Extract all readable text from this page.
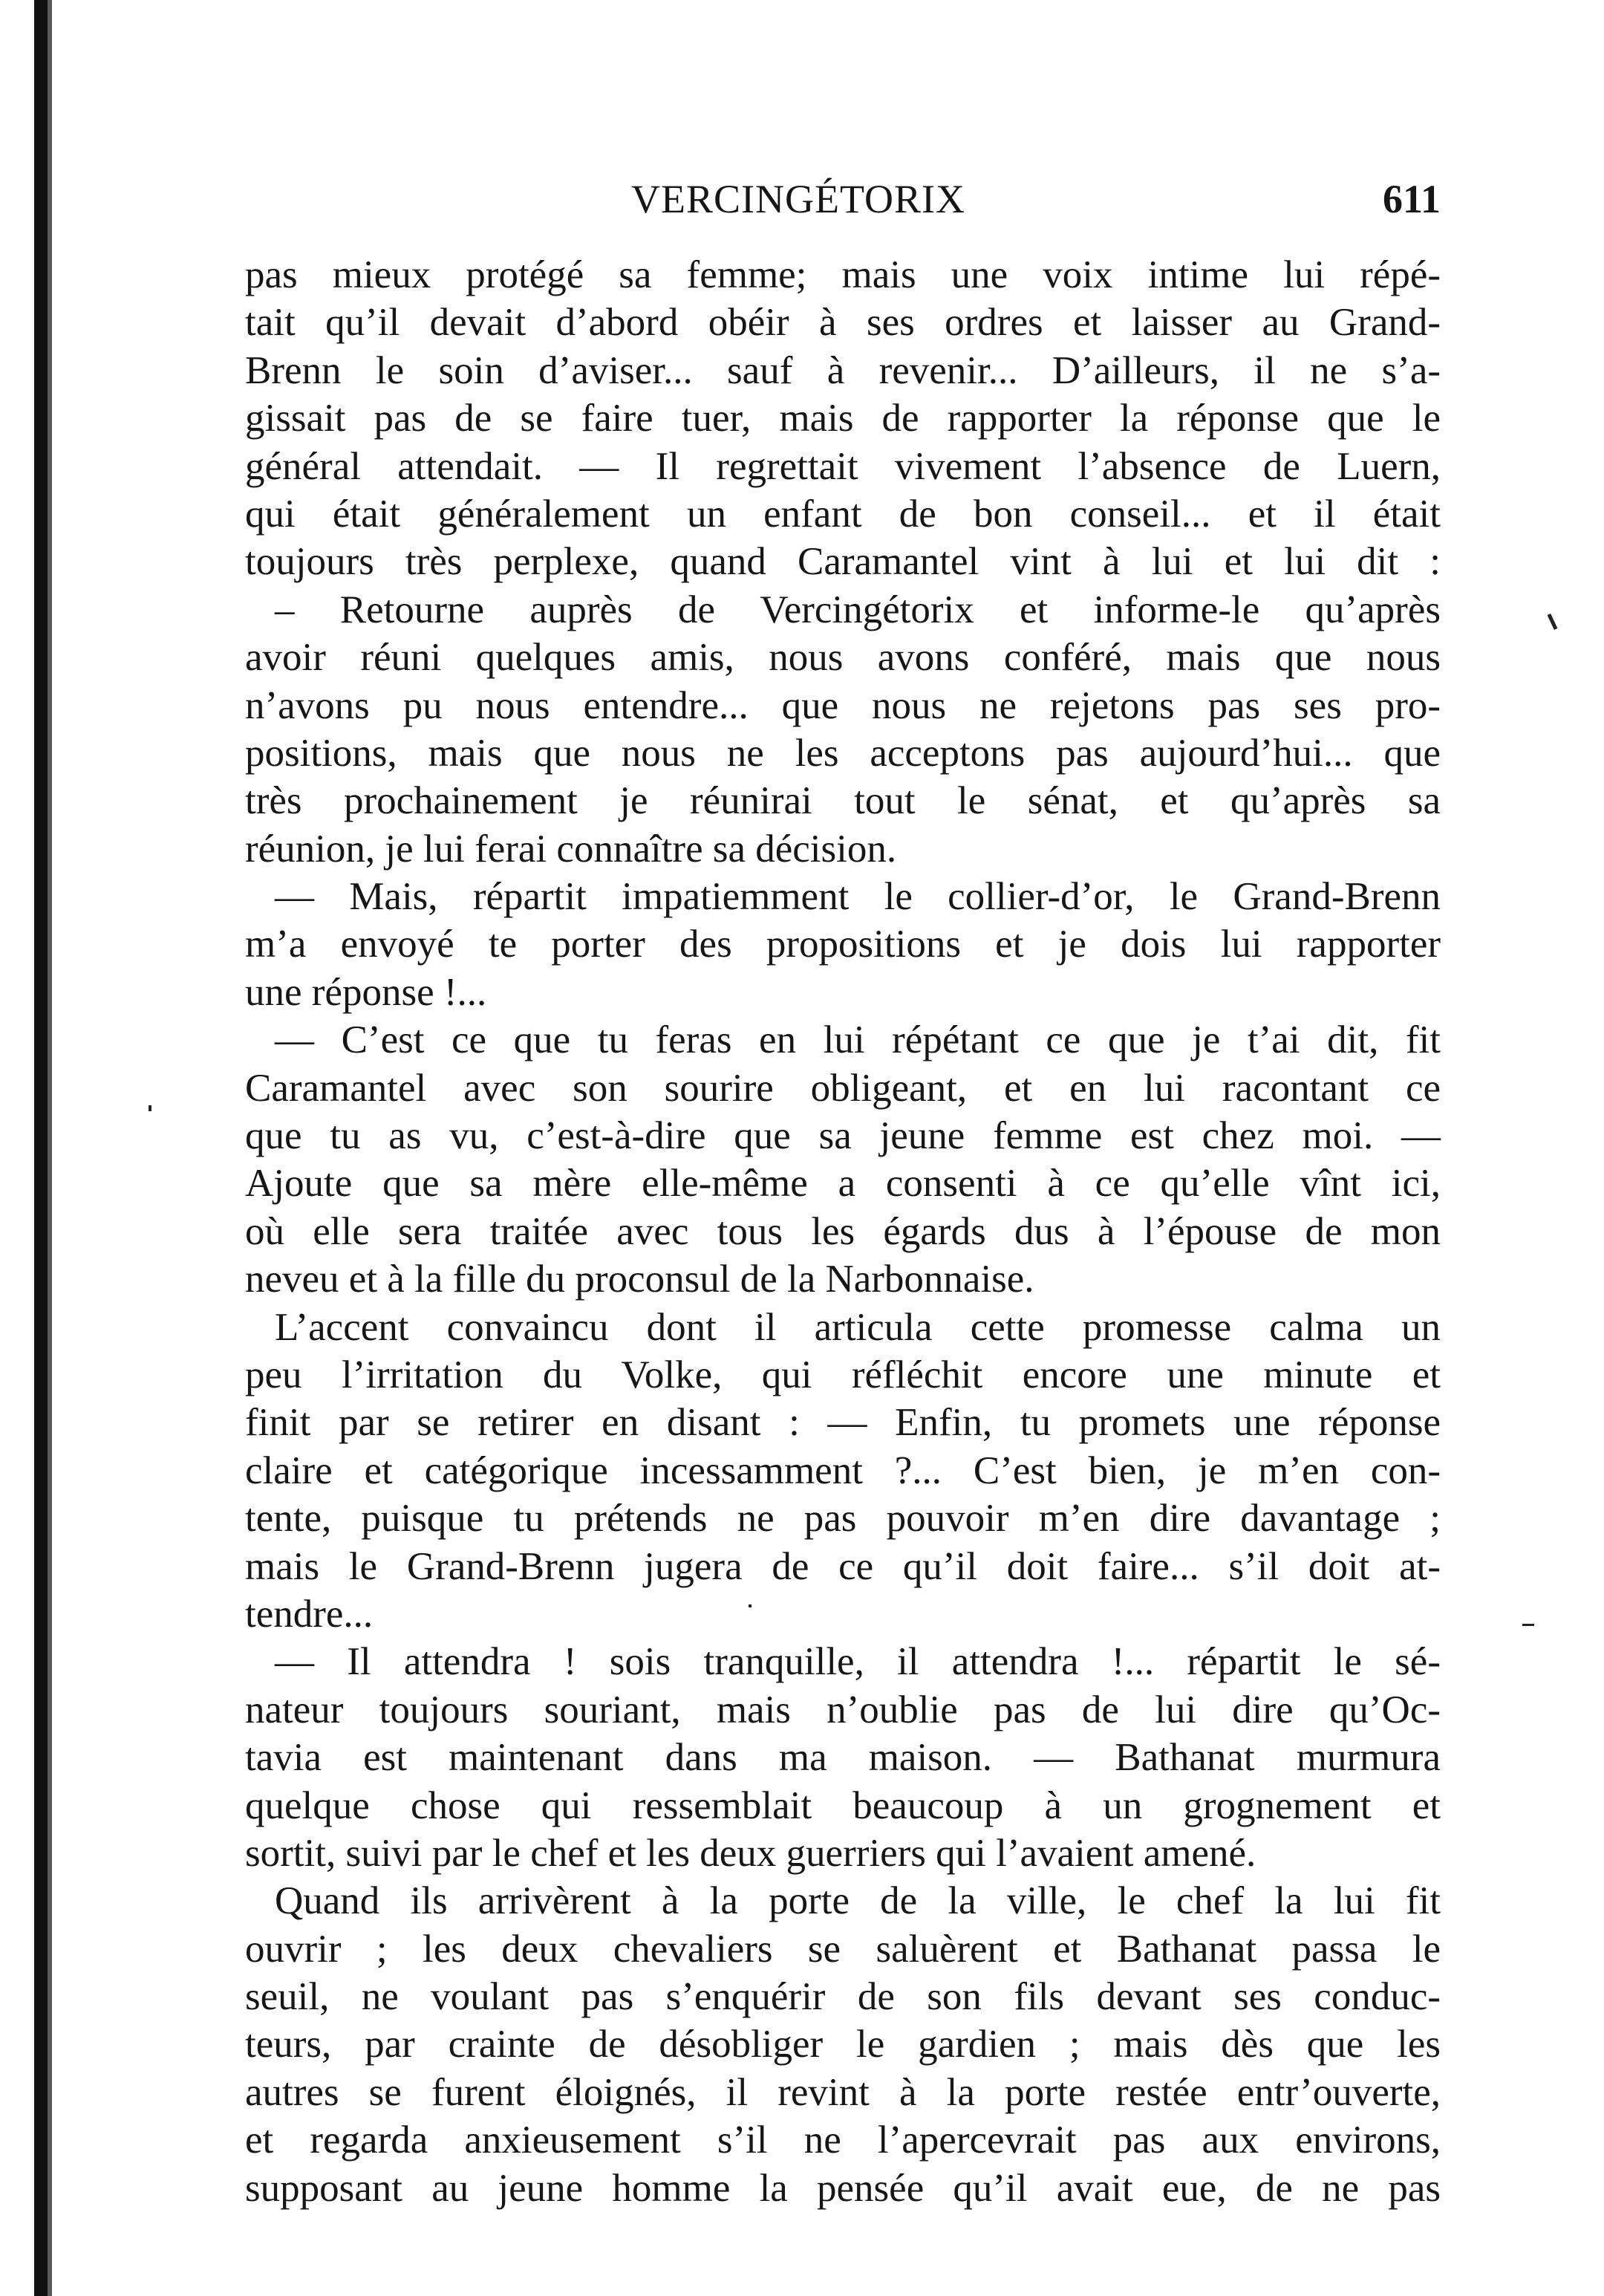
VERCINGÉTORIX	611
pas mieux protégé sa femme; mais une voix intime lui répé-
tait qu’il devait d’abord obéir à ses ordres et laisser au Grand-
Brenn le soin d’aviser... sauf à revenir... D’ailleurs, il ne s’a-
gissait pas de se faire tuer, mais de rapporter la réponse que le
général attendait. — Il regrettait vivement l’absence de Luern,
qui était généralement un enfant de bon conseil... et il était
toujours très perplexe, quand Caramantel vint à lui et lui dit :
– Retourne auprès de Vercingétorix et informe-le qu’après
avoir réuni quelques amis, nous avons conféré, mais que nous
n’avons pu nous entendre... que nous ne rejetons pas ses pro-
positions, mais que nous ne les acceptons pas aujourd’hui... que
très prochainement je réunirai tout le sénat, et qu’après sa
réunion, je lui ferai connaître sa décision.
— Mais, répartit impatiemment le collier-d’or, le Grand-Brenn
m’a envoyé te porter des propositions et je dois lui rapporter
une réponse !...
— C’est ce que tu feras en lui répétant ce que je t’ai dit, fit
Caramantel avec son sourire obligeant, et en lui racontant ce
que tu as vu, c’est-à-dire que sa jeune femme est chez moi. —
Ajoute que sa mère elle-même a consenti à ce qu’elle vînt ici,
où elle sera traitée avec tous les égards dus à l’épouse de mon
neveu et à la fille du proconsul de la Narbonnaise.
L’accent convaincu dont il articula cette promesse calma un
peu l’irritation du Volke, qui réfléchit encore une minute et
finit par se retirer en disant : — Enfin, tu promets une réponse
claire et catégorique incessamment ?... C’est bien, je m’en con-
tente, puisque tu prétends ne pas pouvoir m’en dire davantage ;
mais le Grand-Brenn jugera de ce qu’il doit faire... s’il doit at-
tendre...
— Il attendra ! sois tranquille, il attendra !... répartit le sé-
nateur toujours souriant, mais n’oublie pas de lui dire qu’Oc-
tavia est maintenant dans ma maison. — Bathanat murmura
quelque chose qui ressemblait beaucoup à un grognement et
sortit, suivi par le chef et les deux guerriers qui l’avaient amené.
Quand ils arrivèrent à la porte de la ville, le chef la lui fit
ouvrir ; les deux chevaliers se saluèrent et Bathanat passa le
seuil, ne voulant pas s’enquérir de son fils devant ses conduc-
teurs, par crainte de désobliger le gardien ; mais dès que les
autres se furent éloignés, il revint à la porte restée entr’ouverte,
et regarda anxieusement s’il ne l’apercevrait pas aux environs,
supposant au jeune homme la pensée qu’il avait eue, de ne pas
